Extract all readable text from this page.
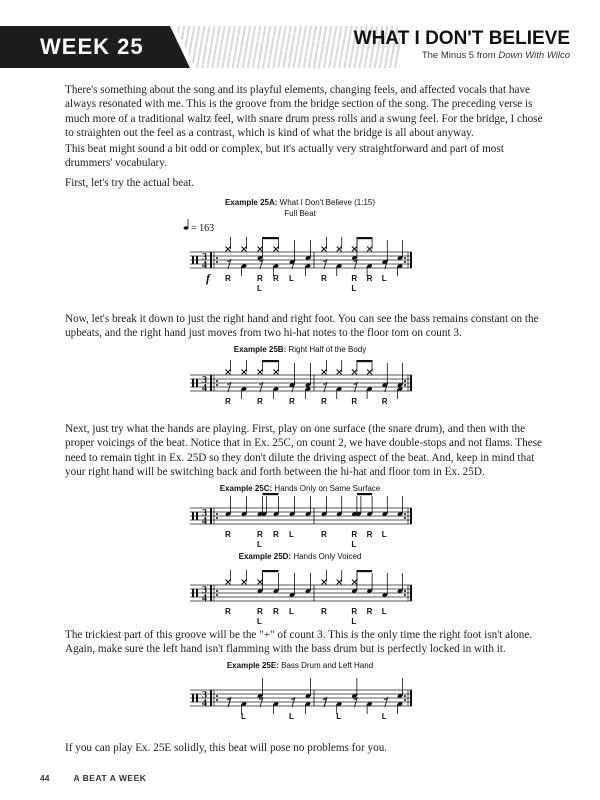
WEEK 25	WHAT I DON'T BELIEVE
The Minus 5 from Down With Wilco

There's something about the song and its playful elements, changing feels, and affected vocals that have always resonated with me. This is the groove from the bridge section of the song. The preceding verse is much more of a traditional waltz feel, with snare drum press rolls and a swung feel. For the bridge, I chose to straighten out the feel as a contrast, which is kind of what the bridge is all about anyway.

This beat might sound a bit odd or complex, but it's actually very straightforward and part of most drummers' vocabulary.

First, let's try the actual beat.

Example 25A: What I Don't Believe (1:15)
Full Beat
3
4
= 163
f R	R R L	R	R R L
L	L

Now, let's break it down to just the right hand and right foot. You can see the bass remains constant on the upbeats, and the right hand just moves from two hi-hat notes to the floor tom on count 3.

Example 25B: Right Half of the Body
3
4
R	R	R	R	R	R

Next, just try what the hands are playing. First, play on one surface (the snare drum), and then with the proper voicings of the beat. Notice that in Ex. 25C, on count 2, we have double-stops and not flams. These need to remain tight in Ex. 25D so they don't dilute the driving aspect of the beat. And, keep in mind that your right hand will be switching back and forth between the hi-hat and floor tom in Ex. 25D.

Example 25C: Hands Only on Same Surface
3
4
R	R R L	R	R R L
L	L
Example 25D: Hands Only Voiced
3
4
R	R R L	R	R R L
L	L

The trickiest part of this groove will be the "+" of count 3. This is the only time the right foot isn't alone. Again, make sure the left hand isn't flamming with the bass drum but is perfectly locked in with it.

Example 25E: Bass Drum and Left Hand
3
4
L	L	L	L

If you can play Ex. 25E solidly, this beat will pose no problems for you.

44	A BEAT A WEEK
